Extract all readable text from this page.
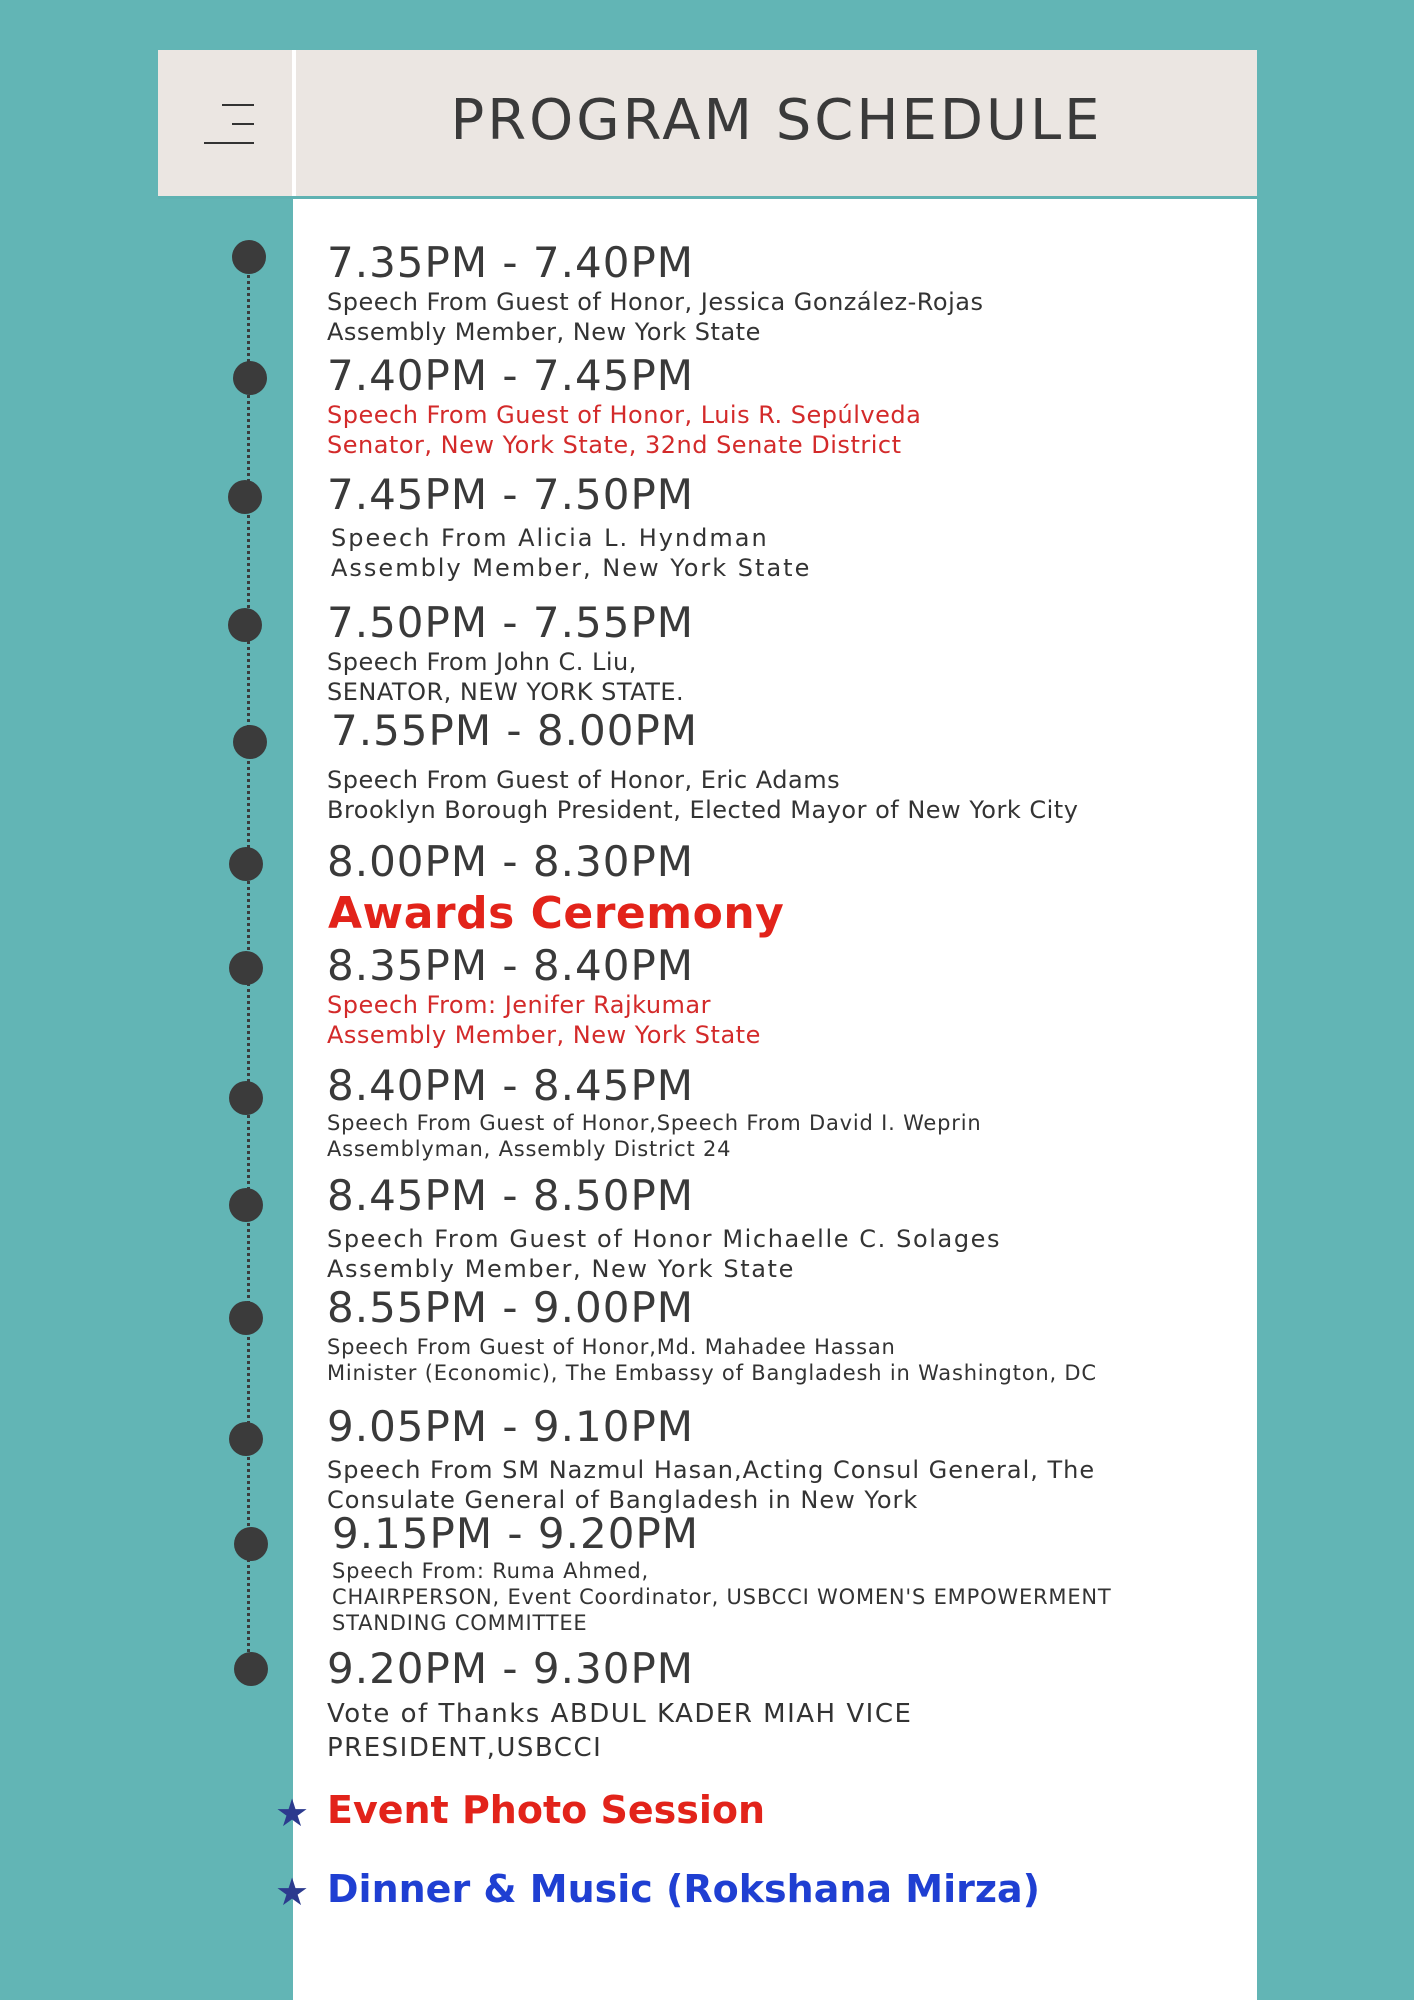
PROGRAM SCHEDULE
7.35PM - 7.40PM
Speech From Guest of Honor, Jessica González-Rojas
Assembly Member, New York State
7.40PM - 7.45PM
Speech From Guest of Honor, Luis R. Sepúlveda
Senator, New York State, 32nd Senate District
7.45PM - 7.50PM
Speech From Alicia L. Hyndman
Assembly Member, New York State
7.50PM - 7.55PM
Speech From John C. Liu,
SENATOR, NEW YORK STATE.
7.55PM - 8.00PM
Speech From Guest of Honor, Eric Adams
Brooklyn Borough President, Elected Mayor of New York City
8.00PM - 8.30PM
Awards Ceremony
8.35PM - 8.40PM
Speech From: Jenifer Rajkumar
Assembly Member, New York State
8.40PM - 8.45PM
Speech From Guest of Honor,Speech From David I. Weprin
Assemblyman, Assembly District 24
8.45PM - 8.50PM
Speech From Guest of Honor Michaelle C. Solages
Assembly Member, New York State
8.55PM - 9.00PM
Speech From Guest of Honor,Md. Mahadee Hassan
Minister (Economic), The Embassy of Bangladesh in Washington, DC
9.05PM - 9.10PM
Speech From SM Nazmul Hasan,Acting Consul General, The
Consulate General of Bangladesh in New York
9.15PM - 9.20PM
Speech From: Ruma Ahmed,
CHAIRPERSON, Event Coordinator, USBCCI WOMEN'S EMPOWERMENT
STANDING COMMITTEE
9.20PM - 9.30PM
Vote of Thanks ABDUL KADER MIAH VICE
PRESIDENT,USBCCI
★ Event Photo Session
★ Dinner & Music (Rokshana Mirza)
